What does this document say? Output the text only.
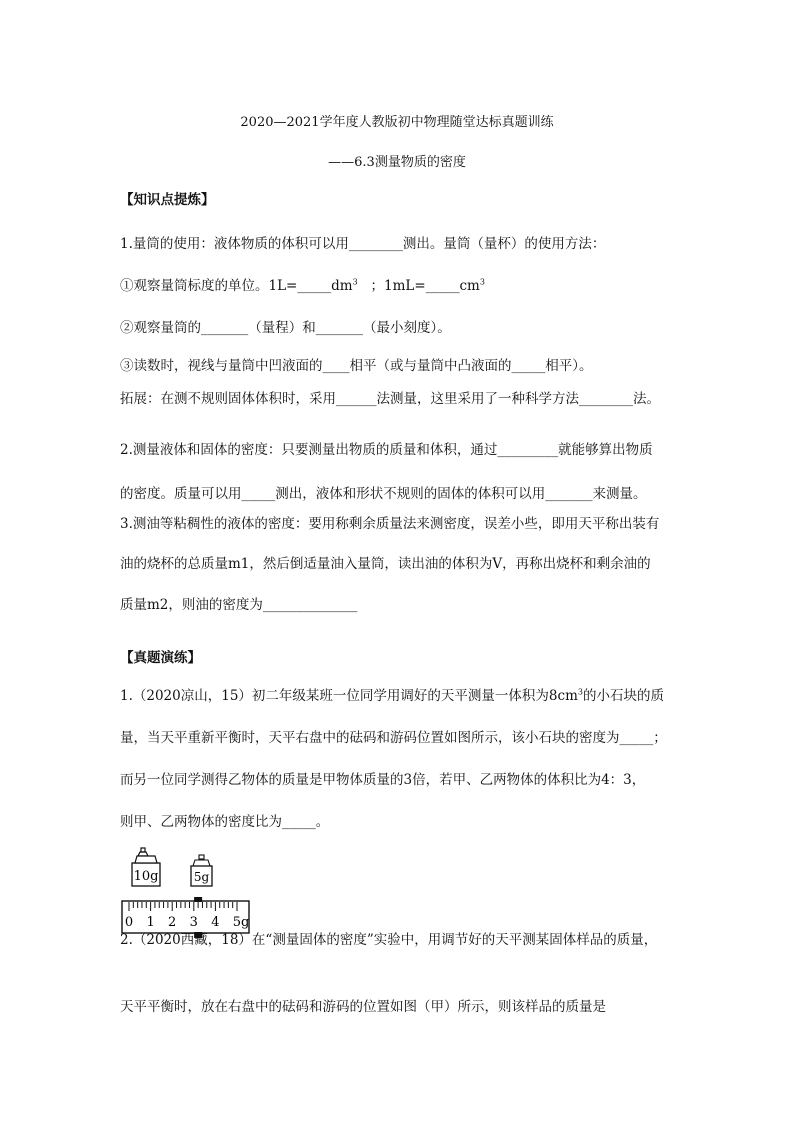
2020—2021学年度人教版初中物理随堂达标真题训练
——6.3测量物质的密度
【知识点提炼】
1.量筒的使用：液体物质的体积可以用________测出。量筒（量杯）的使用方法：
①观察量筒标度的单位。$1L=\_\_\_\_\_dm^3$   ；$1mL=\_\_\_\_\_cm^3$
②观察量筒的_______（量程）和_______（最小刻度）。
③读数时，视线与量筒中凹液面的____相平（或与量筒中凸液面的_____相平）。
拓展：在测不规则固体体积时，采用______法测量，这里采用了一种科学方法________法。
2.测量液体和固体的密度：只要测量出物质的质量和体积，通过_________就能够算出物质
的密度。质量可以用_____测出，液体和形状不规则的固体的体积可以用_______来测量。
3.测油等粘稠性的液体的密度：要用称剩余质量法来测密度，误差小些，即用天平称出装有
油的烧杯的总质量m1，然后倒适量油入量筒，读出油的体积为V，再称出烧杯和剩余油的
质量m2，则油的密度为______________
【真题演练】
1.（2020凉山，15）初二年级某班一位同学用调好的天平测量一体积为$8cm^3$的小石块的质
量，当天平重新平衡时，天平右盘中的砝码和游码位置如图所示，该小石块的密度为_____；
而另一位同学测得乙物体的质量是甲物体质量的3倍，若甲、乙两物体的体积比为4：3，
则甲、乙两物体的密度比为_____。
10g	5g
0 1 2 3 4 5g
2.（2020西藏，18）在“测量固体的密度”实验中，用调节好的天平测某固体样品的质量，
天平平衡时，放在右盘中的砝码和游码的位置如图（甲）所示，则该样品的质量是
